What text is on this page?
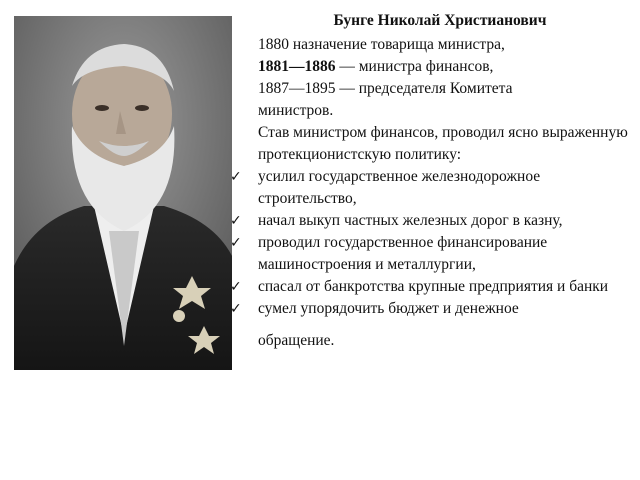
Бунге Николай Христианович

1880 назначение товарища министра,

1881—1886 — министра финансов,

1887—1895 — председателя Комитета

министров.

Став министром финансов, проводил ясно выраженную протекционистскую политику:

✓	усилил государственное железнодорожное строительство,
✓	начал выкуп частных железных дорог в казну,
✓	проводил государственное финансирование машиностроения и металлургии,
✓	спасал от банкротства крупные предприятия и банки
✓	сумел упорядочить бюджет и денежное
обращение.
